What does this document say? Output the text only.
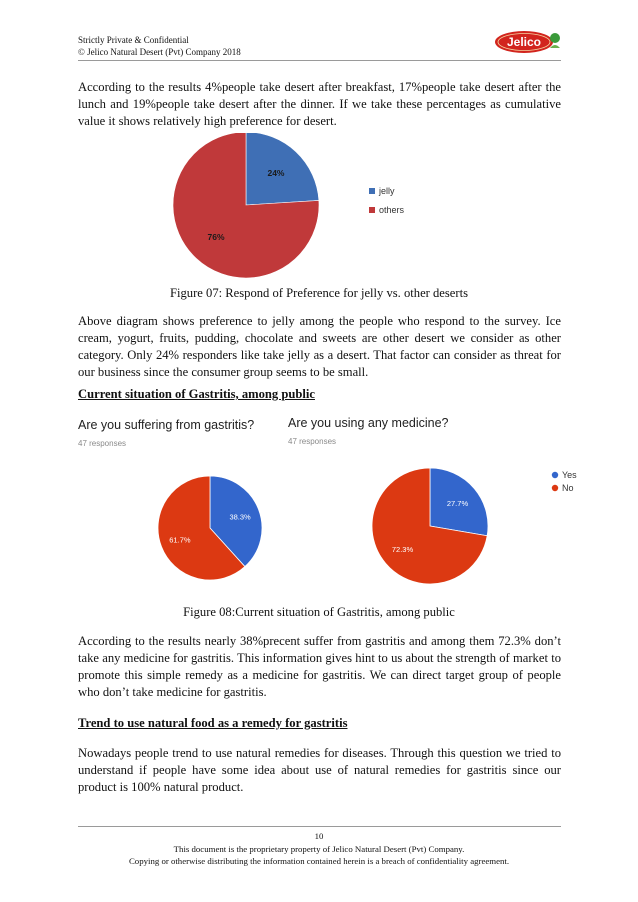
Strictly Private & Confidential
© Jelico Natural Desert (Pvt) Company 2018
Jelico

According to the results 4%people take desert after breakfast, 17%people take desert after the lunch and 19%people take desert after the dinner. If we take these percentages as cumulative value it shows relatively high preference for desert.

24%
76%
jelly
others
Figure 07: Respond of Preference for jelly vs. other deserts

Above diagram shows preference to jelly among the people who respond to the survey. Ice cream, yogurt, fruits, pudding, chocolate and sweets are other desert we consider as other category. Only 24% responders like take jelly as a desert. That factor can consider as threat for our business since the consumer group seems to be small.

Current situation of Gastritis, among public
Are you suffering from gastritis?
47 responses
Are you using any medicine?
47 responses
38.3%
61.7%
27.7%
72.3%
Yes
No
Figure 08:Current situation of Gastritis, among public

According to the results nearly 38%precent suffer from gastritis and among them 72.3% don’t take any medicine for gastritis. This information gives hint to us about the strength of market to promote this simple remedy as a medicine for gastritis. We can direct target group of people who don’t take medicine for gastritis.

Trend to use natural food as a remedy for gastritis

Nowadays people trend to use natural remedies for diseases. Through this question we tried to understand if people have some idea about use of natural remedies for gastritis since our product is 100% natural product.

10
This document is the proprietary property of Jelico Natural Desert (Pvt) Company.
Copying or otherwise distributing the information contained herein is a breach of confidentiality agreement.
